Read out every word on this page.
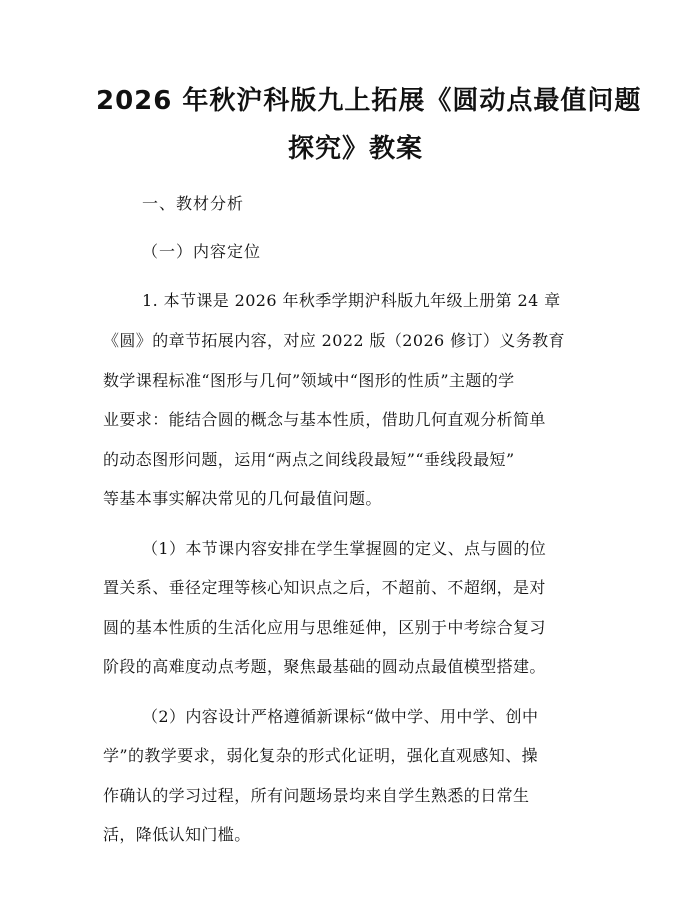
2026 年秋沪科版九上拓展《圆动点最值问题
探究》教案
一、教材分析
（一）内容定位
1. 本节课是 2026 年秋季学期沪科版九年级上册第 24 章
《圆》的章节拓展内容，对应 2022 版（2026 修订）义务教育
数学课程标准“图形与几何”领域中“图形的性质”主题的学
业要求：能结合圆的概念与基本性质，借助几何直观分析简单
的动态图形问题，运用“两点之间线段最短”“垂线段最短”
等基本事实解决常见的几何最值问题。
（1）本节课内容安排在学生掌握圆的定义、点与圆的位
置关系、垂径定理等核心知识点之后，不超前、不超纲，是对
圆的基本性质的生活化应用与思维延伸，区别于中考综合复习
阶段的高难度动点考题，聚焦最基础的圆动点最值模型搭建。
（2）内容设计严格遵循新课标“做中学、用中学、创中
学”的教学要求，弱化复杂的形式化证明，强化直观感知、操
作确认的学习过程，所有问题场景均来自学生熟悉的日常生
活，降低认知门槛。
